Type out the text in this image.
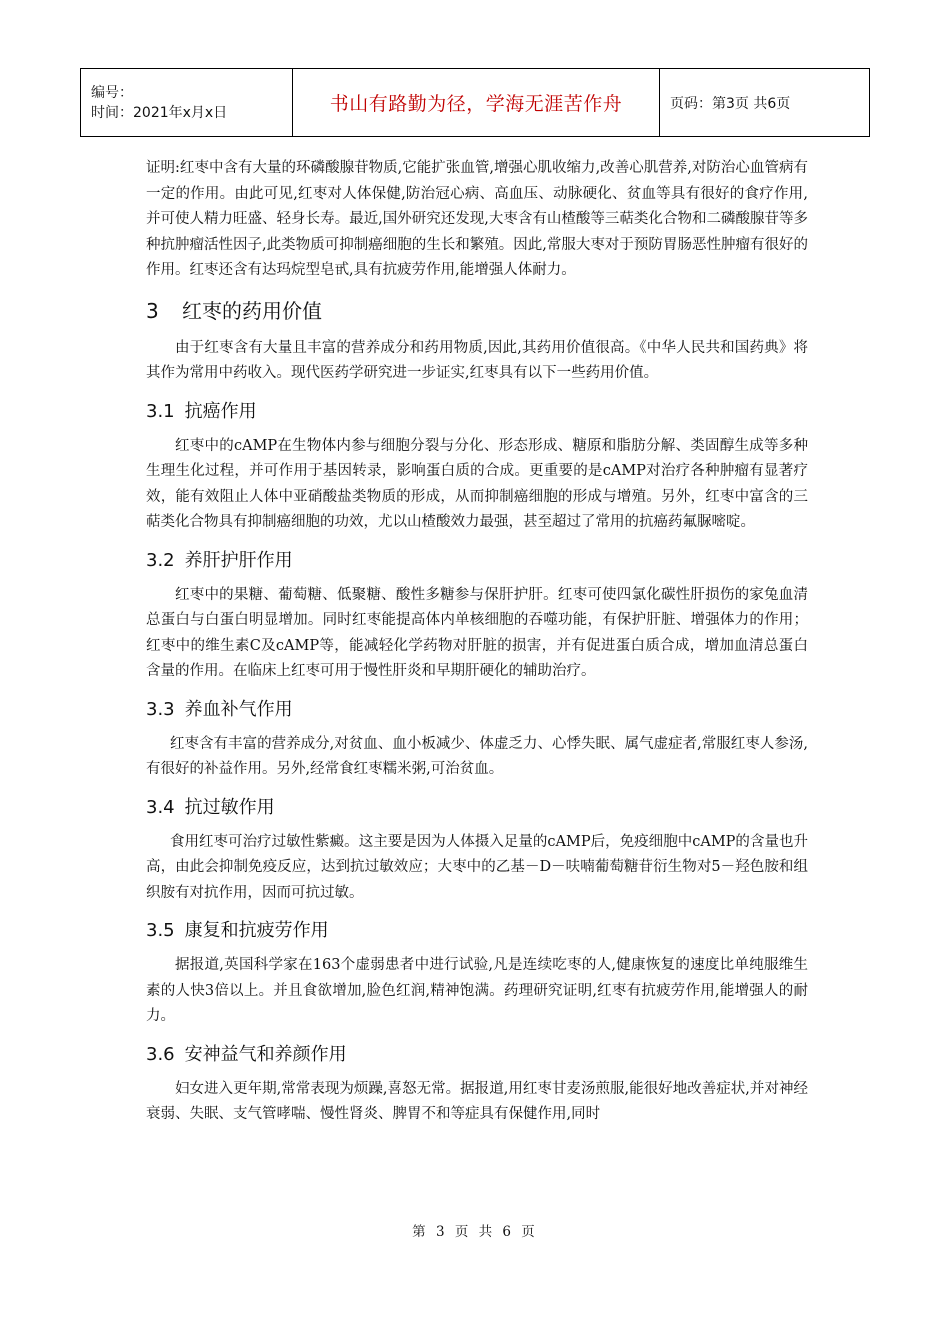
编号：
时间：2021年x月x日	书山有路勤为径，学海无涯苦作舟	页码：第3页 共6页

证明:红枣中含有大量的环磷酸腺苷物质,它能扩张血管,增强心肌收缩力,改善心肌营养,对防治心血管病有一定的作用。由此可见,红枣对人体保健,防治冠心病、高血压、动脉硬化、贫血等具有很好的食疗作用,并可使人精力旺盛、轻身长寿。最近,国外研究还发现,大枣含有山楂酸等三萜类化合物和二磷酸腺苷等多种抗肿瘤活性因子,此类物质可抑制癌细胞的生长和繁殖。因此,常服大枣对于预防胃肠恶性肿瘤有很好的作用。红枣还含有达玛烷型皂甙,具有抗疲劳作用,能增强人体耐力。

3 红枣的药用价值

由于红枣含有大量且丰富的营养成分和药用物质,因此,其药用价值很高。《中华人民共和国药典》将其作为常用中药收入。现代医药学研究进一步证实,红枣具有以下一些药用价值。

3.1 抗癌作用

红枣中的cAMP在生物体内参与细胞分裂与分化、形态形成、糖原和脂肪分解、类固醇生成等多种生理生化过程，并可作用于基因转录，影响蛋白质的合成。更重要的是cAMP对治疗各种肿瘤有显著疗效，能有效阻止人体中亚硝酸盐类物质的形成，从而抑制癌细胞的形成与增殖。另外，红枣中富含的三萜类化合物具有抑制癌细胞的功效，尤以山楂酸效力最强，甚至超过了常用的抗癌药氟脲嘧啶。

3.2 养肝护肝作用

红枣中的果糖、葡萄糖、低聚糖、酸性多糖参与保肝护肝。红枣可使四氯化碳性肝损伤的家兔血清总蛋白与白蛋白明显增加。同时红枣能提高体内单核细胞的吞噬功能，有保护肝脏、增强体力的作用；红枣中的维生素C及cAMP等，能减轻化学药物对肝脏的损害，并有促进蛋白质合成，增加血清总蛋白含量的作用。在临床上红枣可用于慢性肝炎和早期肝硬化的辅助治疗。

3.3 养血补气作用

红枣含有丰富的营养成分,对贫血、血小板减少、体虚乏力、心悸失眠、属气虚症者,常服红枣人参汤,有很好的补益作用。另外,经常食红枣糯米粥,可治贫血。

3.4 抗过敏作用

食用红枣可治疗过敏性紫癜。这主要是因为人体摄入足量的cAMP后，免疫细胞中cAMP的含量也升高，由此会抑制免疫反应，达到抗过敏效应；大枣中的乙基－D－呋喃葡萄糖苷衍生物对5－羟色胺和组织胺有对抗作用，因而可抗过敏。

3.5 康复和抗疲劳作用

据报道,英国科学家在163个虚弱患者中进行试验,凡是连续吃枣的人,健康恢复的速度比单纯服维生素的人快3倍以上。并且食欲增加,脸色红润,精神饱满。药理研究证明,红枣有抗疲劳作用,能增强人的耐力。

3.6 安神益气和养颜作用

妇女进入更年期,常常表现为烦躁,喜怒无常。据报道,用红枣甘麦汤煎服,能很好地改善症状,并对神经衰弱、失眠、支气管哮喘、慢性肾炎、脾胃不和等症具有保健作用,同时

第 3 页 共 6 页
